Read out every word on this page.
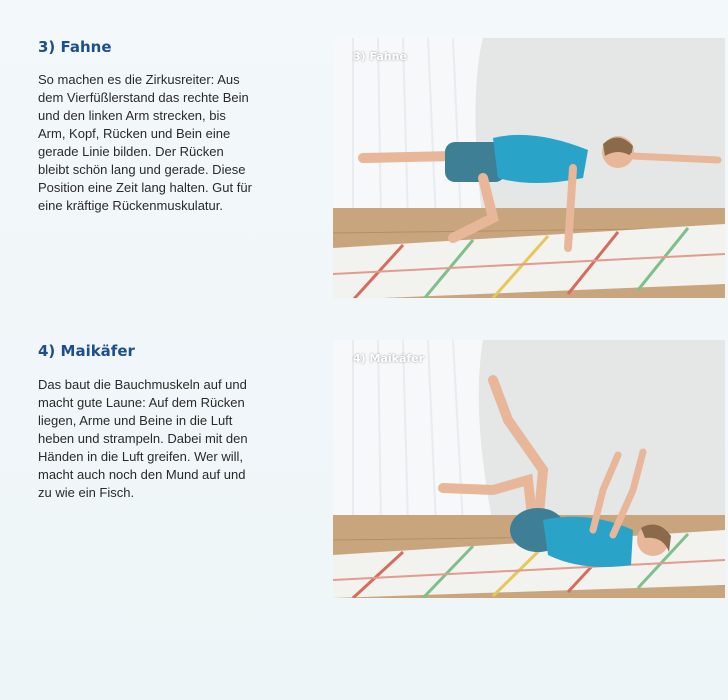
3) Fahne

So machen es die Zirkusreiter: Aus
dem Vierfüßlerstand das rechte Bein
und den linken Arm strecken, bis
Arm, Kopf, Rücken und Bein eine
gerade Linie bilden. Der Rücken
bleibt schön lang und gerade. Diese
Position eine Zeit lang halten. Gut für
eine kräftige Rückenmuskulatur.

3) Fahne
4) Maikäfer

Das baut die Bauchmuskeln auf und
macht gute Laune: Auf dem Rücken
liegen, Arme und Beine in die Luft
heben und strampeln. Dabei mit den
Händen in die Luft greifen. Wer will,
macht auch noch den Mund auf und
zu wie ein Fisch.

4) Maikäfer
